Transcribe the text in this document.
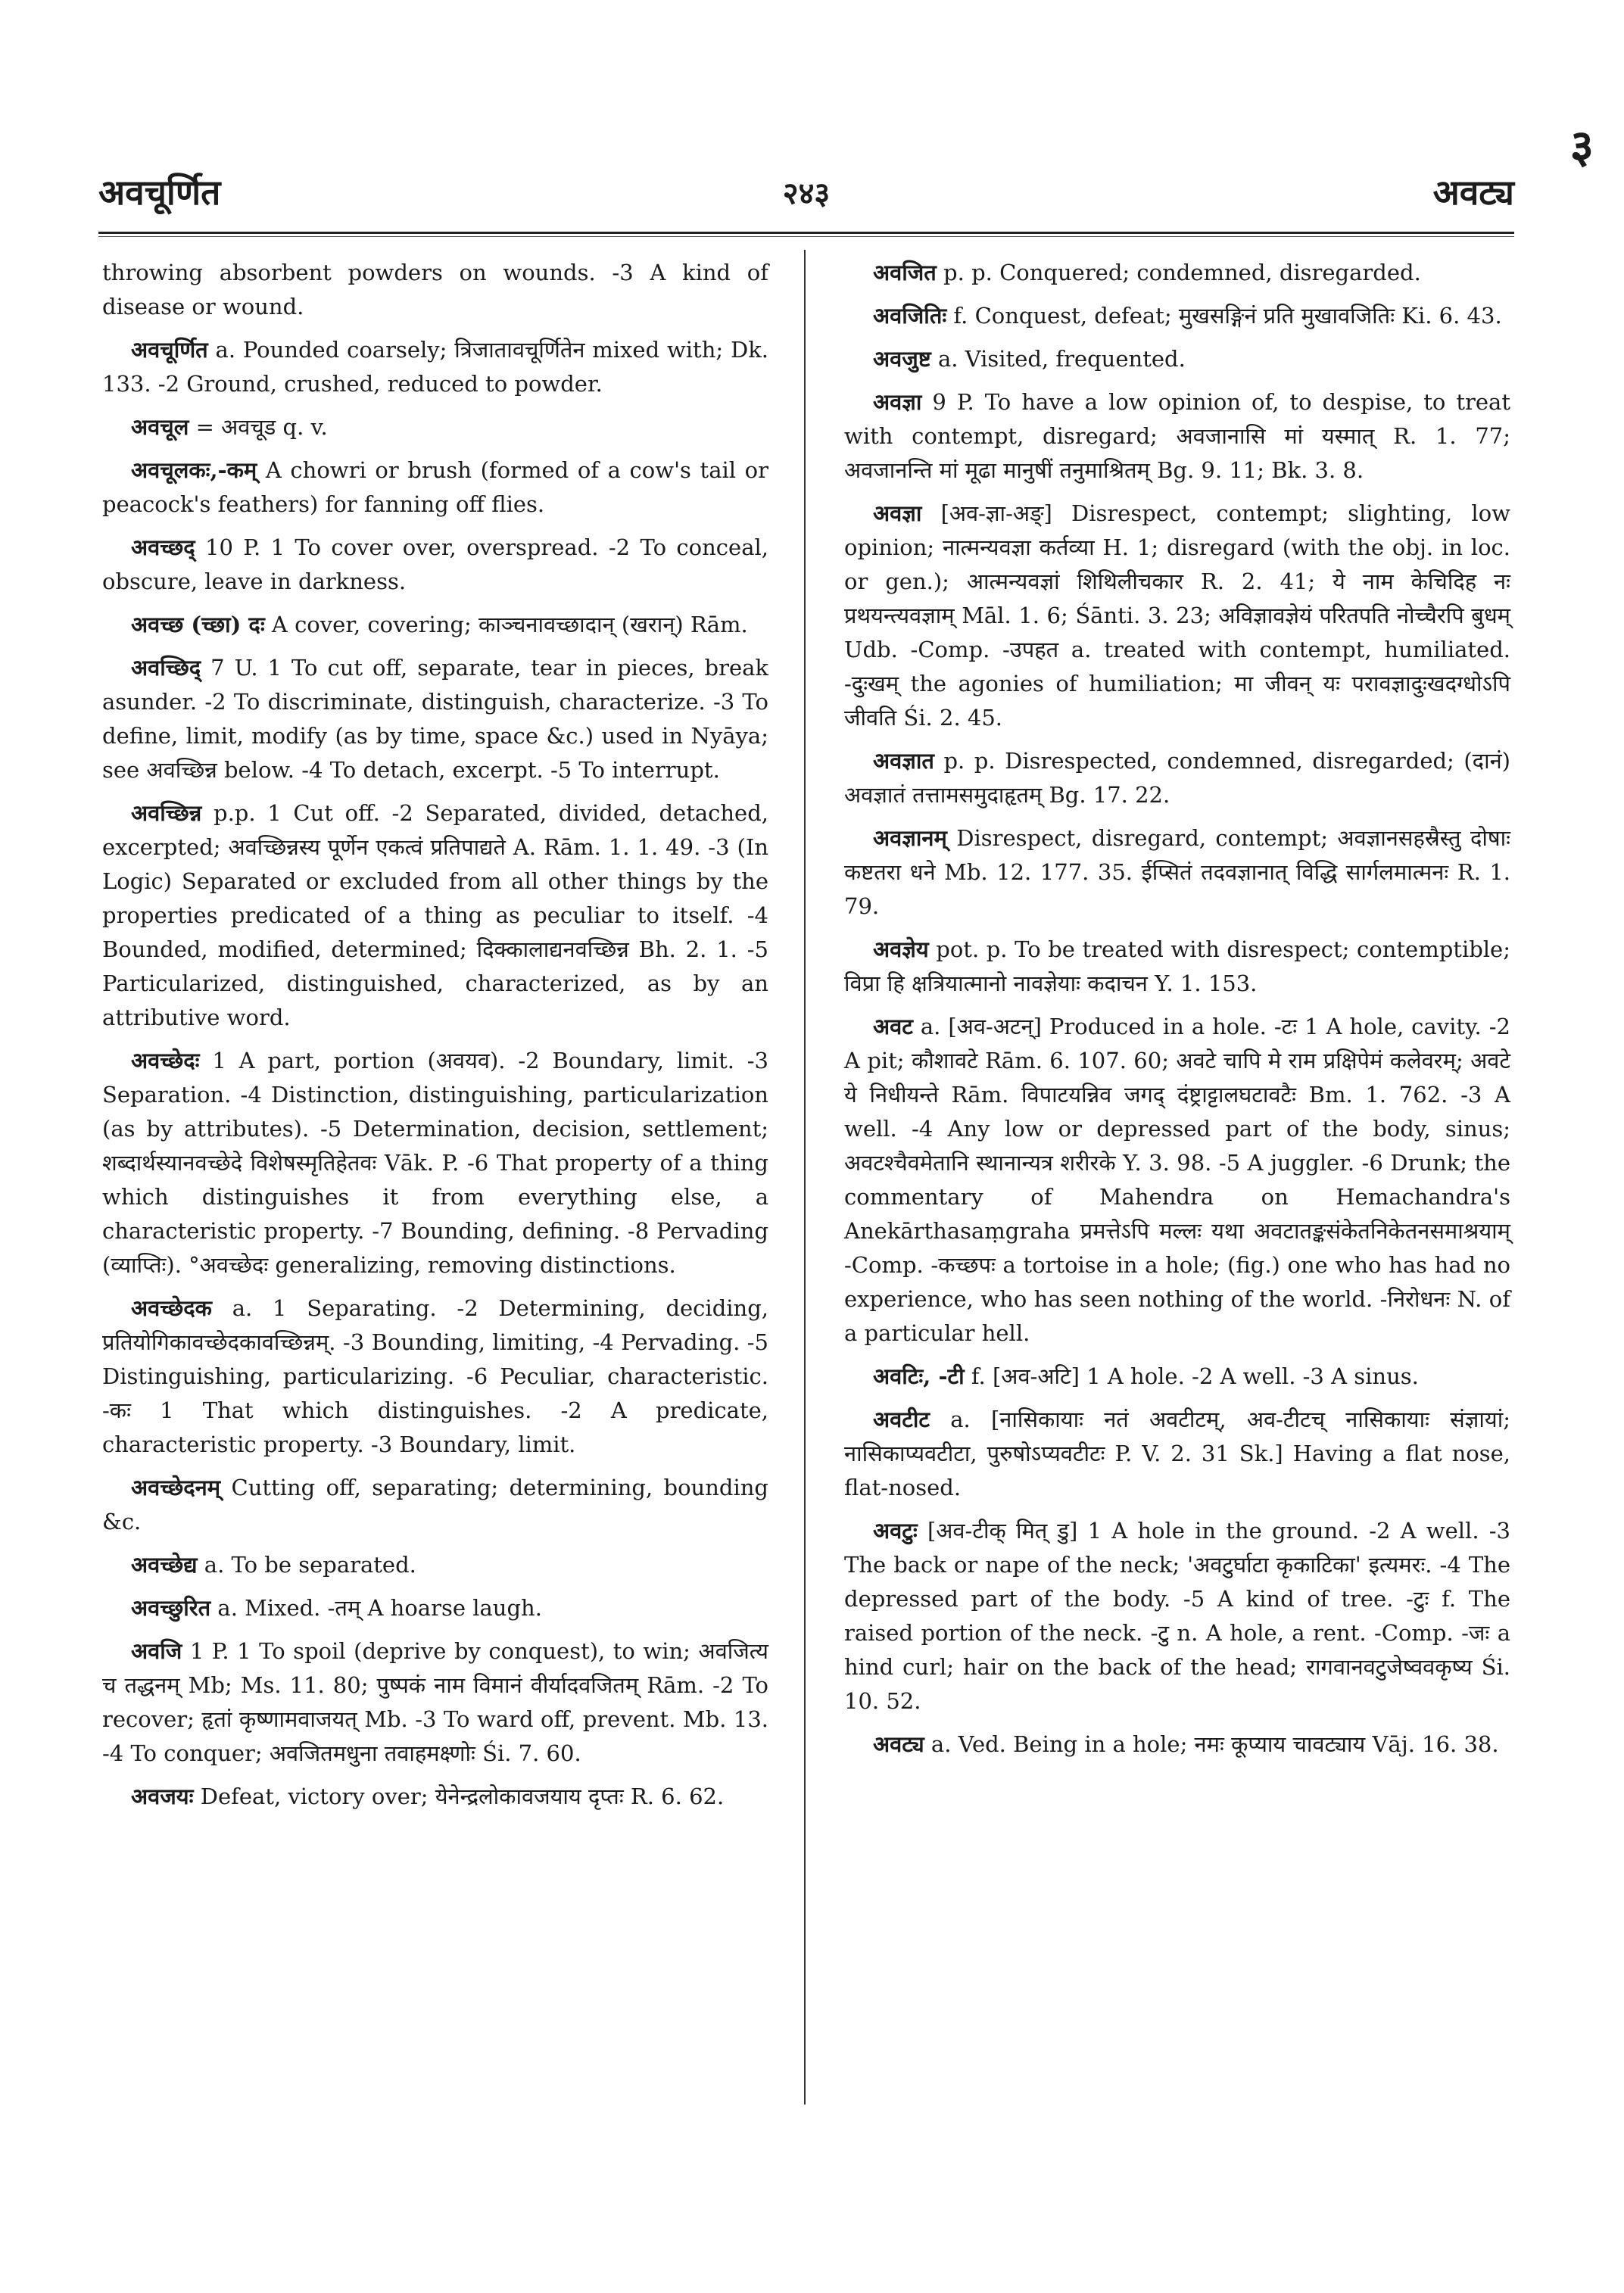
३
अवचूर्णित	२४३	अवट्य

throwing absorbent powders on wounds. -3 A kind of disease or wound.

अवचूर्णित a. Pounded coarsely; त्रिजातावचूर्णितेन mixed with; Dk. 133. -2 Ground, crushed, reduced to powder.

अवचूल = अवचूड q. v.

अवचूलकः,-कम् A chowri or brush (formed of a cow's tail or peacock's feathers) for fanning off flies.

अवच्छद् 10 P. 1 To cover over, overspread. -2 To conceal, obscure, leave in darkness.

अवच्छ (च्छा) दः A cover, covering; काञ्चनावच्छादान् (खरान्) Rām.

अवच्छिद् 7 U. 1 To cut off, separate, tear in pieces, break asunder. -2 To discriminate, distinguish, characterize. -3 To define, limit, modify (as by time, space &c.) used in Nyāya; see अवच्छिन्न below. -4 To detach, excerpt. -5 To interrupt.

अवच्छिन्न p.p. 1 Cut off. -2 Separated, divided, detached, excerpted; अवच्छिन्नस्य पूर्णेन एकत्वं प्रतिपाद्यते A. Rām. 1. 1. 49. -3 (In Logic) Separated or excluded from all other things by the properties predicated of a thing as peculiar to itself. -4 Bounded, modified, determined; दिक्कालाद्यनवच्छिन्न Bh. 2. 1. -5 Particularized, distinguished, characterized, as by an attributive word.

अवच्छेदः 1 A part, portion (अवयव). -2 Boundary, limit. -3 Separation. -4 Distinction, distinguishing, particularization (as by attributes). -5 Determination, decision, settlement; शब्दार्थस्यानवच्छेदे विशेषस्मृतिहेतवः Vāk. P. -6 That property of a thing which distinguishes it from everything else, a characteristic property. -7 Bounding, defining. -8 Pervading (व्याप्तिः). °अवच्छेदः generalizing, removing distinctions.

अवच्छेदक a. 1 Separating. -2 Determining, deciding, प्रतियोगिकावच्छेदकावच्छिन्नम्. -3 Bounding, limiting, -4 Pervading. -5 Distinguishing, particularizing. -6 Peculiar, characteristic. -कः 1 That which distinguishes. -2 A predicate, characteristic property. -3 Boundary, limit.

अवच्छेदनम् Cutting off, separating; determining, bounding &c.

अवच्छेद्य a. To be separated.

अवच्छुरित a. Mixed. -तम् A hoarse laugh.

अवजि 1 P. 1 To spoil (deprive by conquest), to win; अवजित्य च तद्धनम् Mb; Ms. 11. 80; पुष्पकं नाम विमानं वीर्यादवजितम् Rām. -2 To recover; हृतां कृष्णामवाजयत् Mb. -3 To ward off, prevent. Mb. 13. -4 To conquer; अवजितमधुना तवाहमक्ष्णोः Śi. 7. 60.

अवजयः Defeat, victory over; येनेन्द्रलोकावजयाय दृप्तः R. 6. 62.

अवजित p. p. Conquered; condemned, disregarded.

अवजितिः f. Conquest, defeat; मुखसङ्गिनं प्रति मुखावजितिः Ki. 6. 43.

अवजुष्ट a. Visited, frequented.

अवज्ञा 9 P. To have a low opinion of, to despise, to treat with contempt, disregard; अवजानासि मां यस्मात् R. 1. 77; अवजानन्ति मां मूढा मानुषीं तनुमाश्रितम् Bg. 9. 11; Bk. 3. 8.

अवज्ञा [अव-ज्ञा-अङ्] Disrespect, contempt; slighting, low opinion; नात्मन्यवज्ञा कर्तव्या H. 1; disregard (with the obj. in loc. or gen.); आत्मन्यवज्ञां शिथिलीचकार R. 2. 41; ये नाम केचिदिह नः प्रथयन्त्यवज्ञाम् Māl. 1. 6; Śānti. 3. 23; अविज्ञावज्ञेयं परितपति नोच्चैरपि बुधम् Udb. -Comp. -उपहत a. treated with contempt, humiliated. -दुःखम् the agonies of humiliation; मा जीवन् यः परावज्ञादुःखदग्धोऽपि जीवति Śi. 2. 45.

अवज्ञात p. p. Disrespected, condemned, disregarded; (दानं) अवज्ञातं तत्तामसमुदाहृतम् Bg. 17. 22.

अवज्ञानम् Disrespect, disregard, contempt; अवज्ञानसहस्रैस्तु दोषाः कष्टतरा धने Mb. 12. 177. 35. ईप्सितं तदवज्ञानात् विद्धि सार्गलमात्मनः R. 1. 79.

अवज्ञेय pot. p. To be treated with disrespect; contemptible; विप्रा हि क्षत्रियात्मानो नावज्ञेयाः कदाचन Y. 1. 153.

अवट a. [अव-अटन्] Produced in a hole. -टः 1 A hole, cavity. -2 A pit; कौशावटे Rām. 6. 107. 60; अवटे चापि मे राम प्रक्षिपेमं कलेवरम्; अवटे ये निधीयन्ते Rām. विपाटयन्निव जगद् दंष्ट्राट्टालघटावटैः Bm. 1. 762. -3 A well. -4 Any low or depressed part of the body, sinus; अवटश्चैवमेतानि स्थानान्यत्र शरीरके Y. 3. 98. -5 A juggler. -6 Drunk; the commentary of Mahendra on Hemachandra's Anekārthasaṃgraha प्रमत्तेऽपि मल्लः यथा अवटातङ्कसंकेतनिकेतनसमाश्रयाम् -Comp. -कच्छपः a tortoise in a hole; (fig.) one who has had no experience, who has seen nothing of the world. -निरोधनः N. of a particular hell.

अवटिः, -टी f. [अव-अटि] 1 A hole. -2 A well. -3 A sinus.

अवटीट a. [नासिकायाः नतं अवटीटम्, अव-टीटच् नासिकायाः संज्ञायां; नासिकाप्यवटीटा, पुरुषोऽप्यवटीटः P. V. 2. 31 Sk.] Having a flat nose, flat-nosed.

अवटुः [अव-टीक् मित् डु] 1 A hole in the ground. -2 A well. -3 The back or nape of the neck; 'अवटुर्घाटा कृकाटिका' इत्यमरः. -4 The depressed part of the body. -5 A kind of tree. -टुः f. The raised portion of the neck. -टु n. A hole, a rent. -Comp. -जः a hind curl; hair on the back of the head; रागवानवटुजेष्ववकृष्य Śi. 10. 52.

अवट्य a. Ved. Being in a hole; नमः कूप्याय चावट्याय Vāj. 16. 38.
